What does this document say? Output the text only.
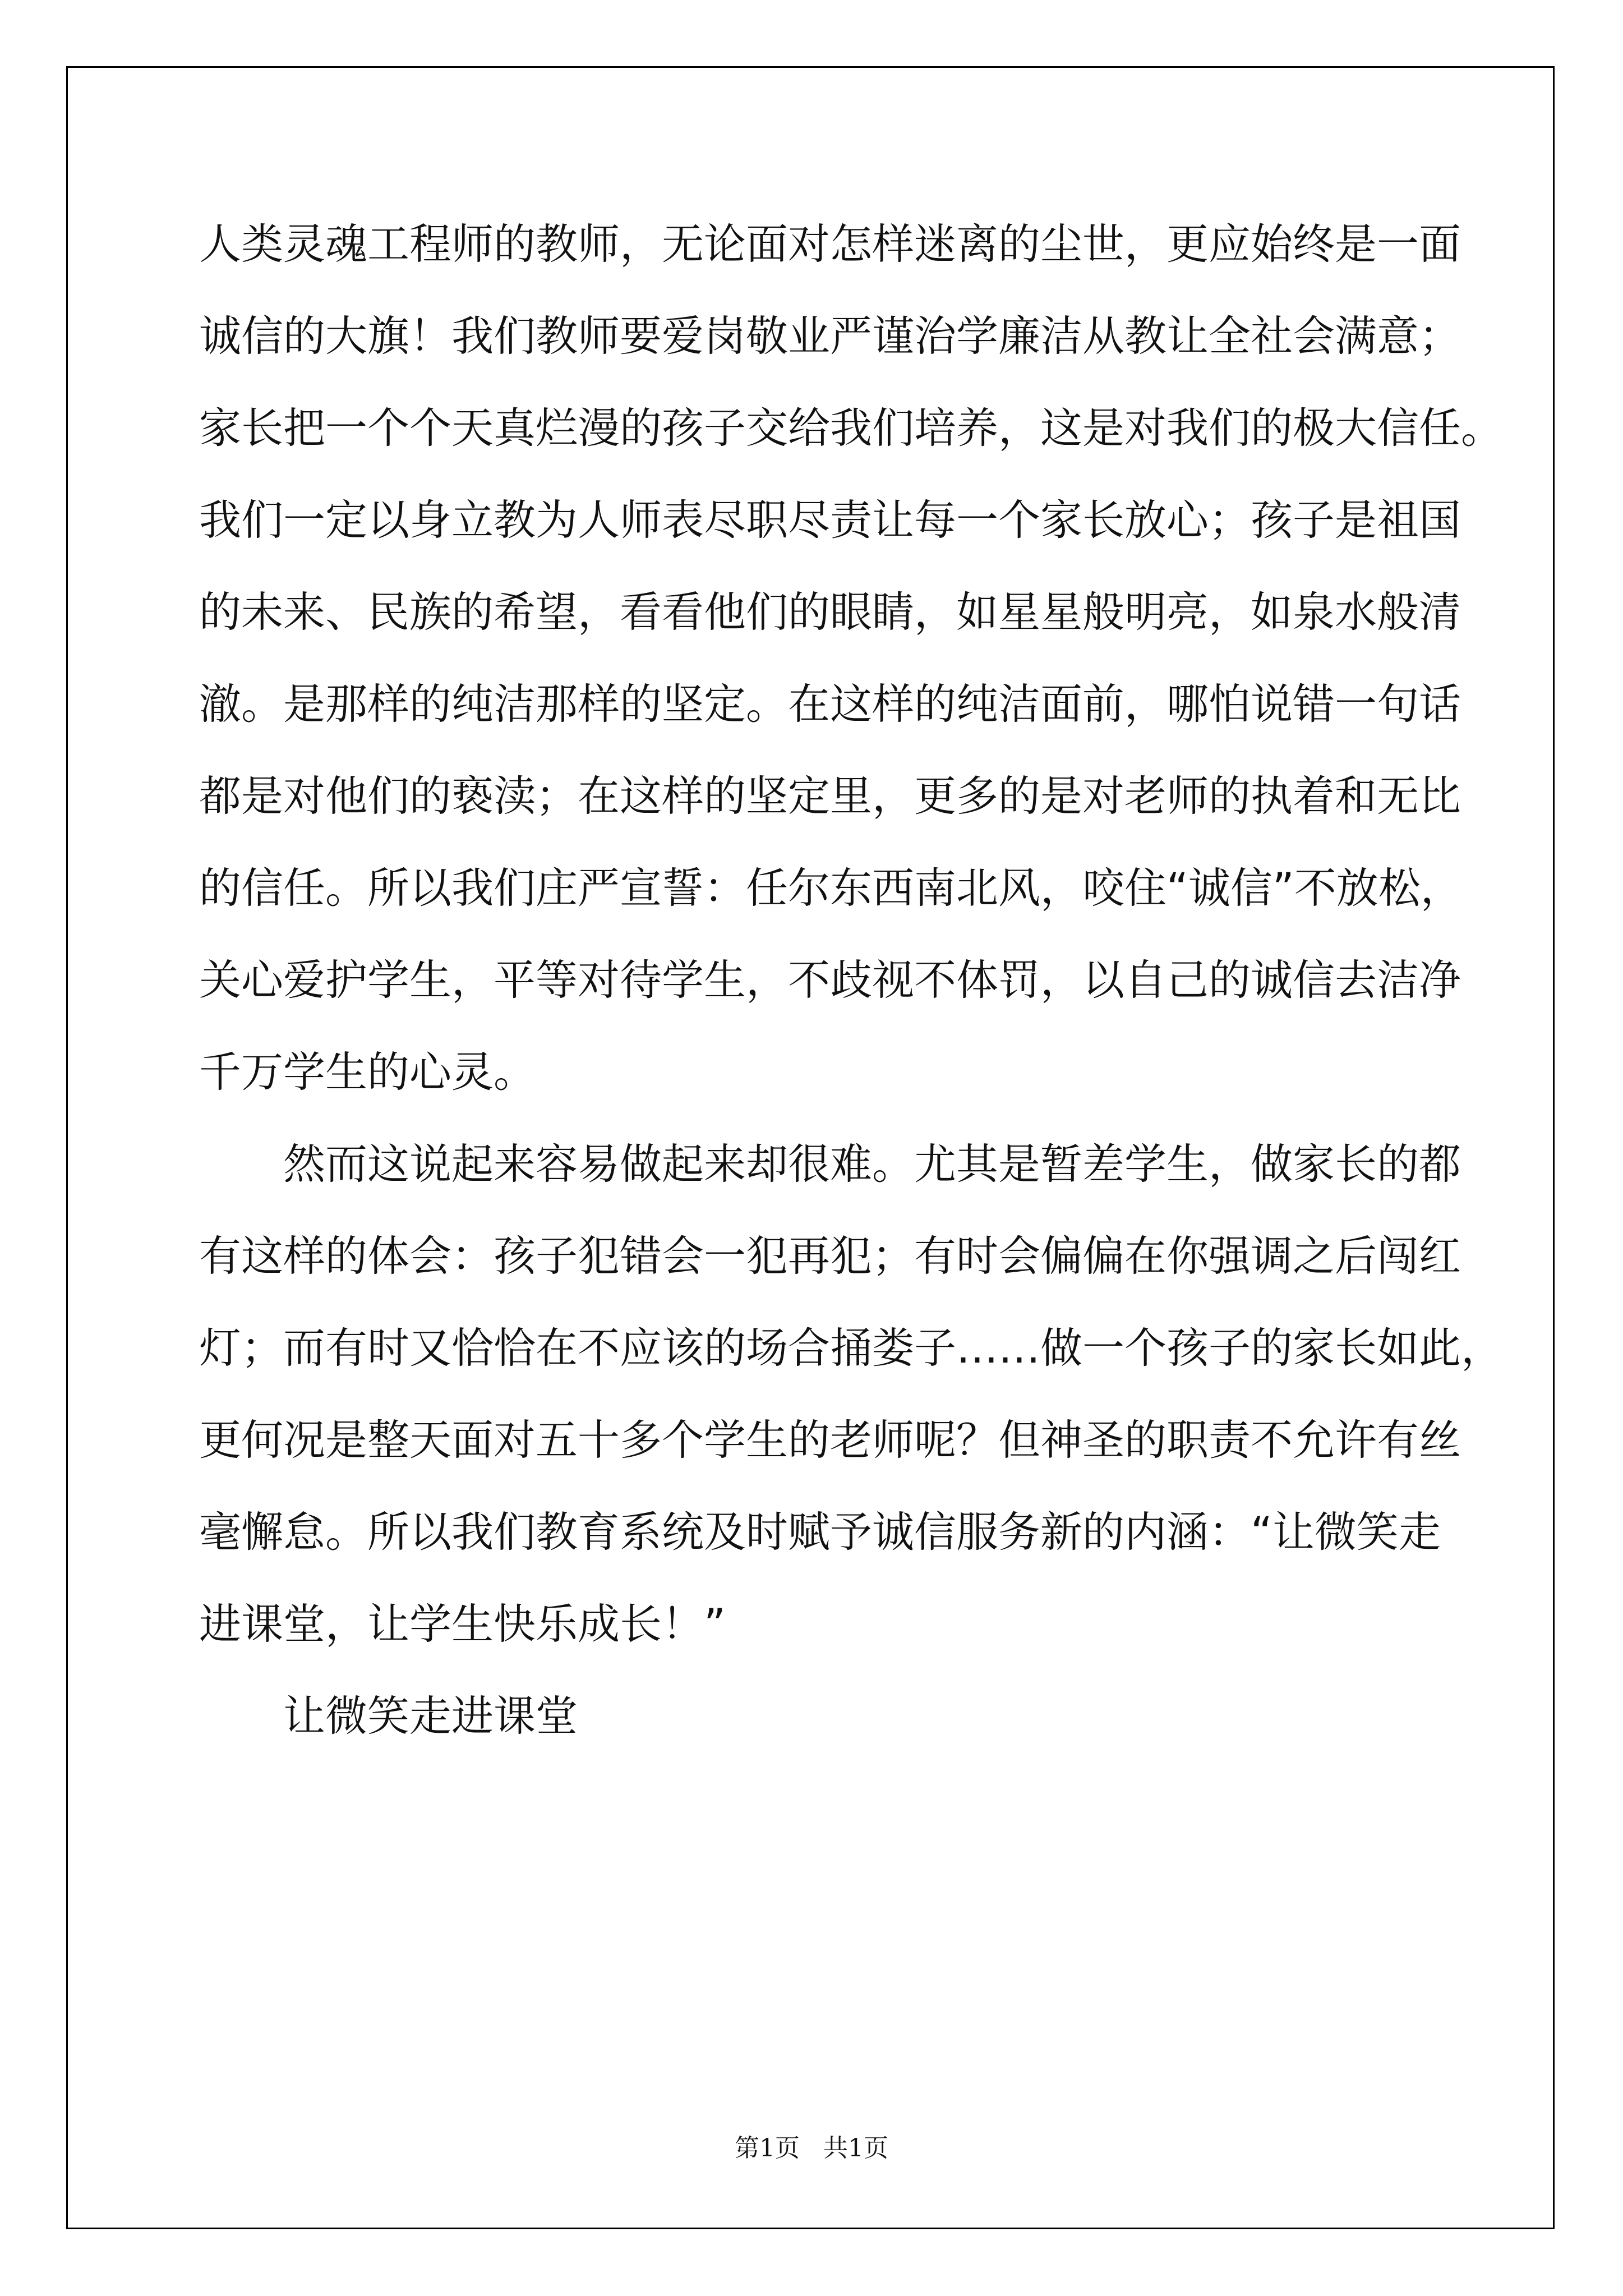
人类灵魂工程师的教师，无论面对怎样迷离的尘世，更应始终是一面
诚信的大旗！我们教师要爱岗敬业严谨治学廉洁从教让全社会满意；
家长把一个个天真烂漫的孩子交给我们培养，这是对我们的极大信任。
我们一定以身立教为人师表尽职尽责让每一个家长放心；孩子是祖国
的未来、民族的希望，看看他们的眼睛，如星星般明亮，如泉水般清
澈。是那样的纯洁那样的坚定。在这样的纯洁面前，哪怕说错一句话
都是对他们的亵渎；在这样的坚定里，更多的是对老师的执着和无比
的信任。所以我们庄严宣誓：任尔东西南北风，咬住“诚信”不放松，
关心爱护学生，平等对待学生，不歧视不体罚，以自己的诚信去洁净
千万学生的心灵。
然而这说起来容易做起来却很难。尤其是暂差学生，做家长的都
有这样的体会：孩子犯错会一犯再犯；有时会偏偏在你强调之后闯红
灯；而有时又恰恰在不应该的场合捅娄子……做一个孩子的家长如此，
更何况是整天面对五十多个学生的老师呢？但神圣的职责不允许有丝
毫懈怠。所以我们教育系统及时赋予诚信服务新的内涵：“让微笑走
进课堂，让学生快乐成长！”
让微笑走进课堂
第1页   共1页
